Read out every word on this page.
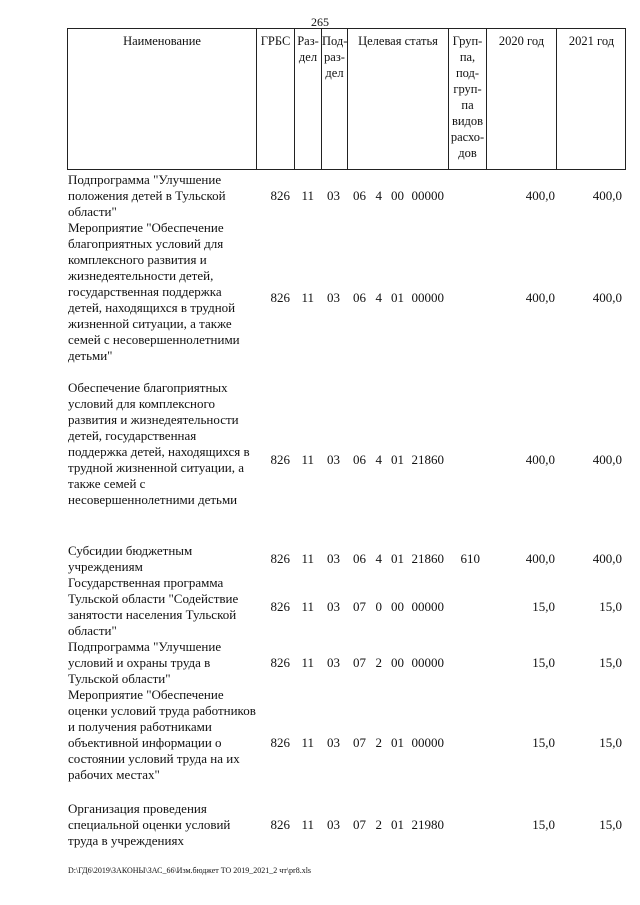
265
Наименование	ГРБС Раз-
дел
Под-
раз-
дел
Целевая статья	Груп-
па,
под-
груп-
па
видов
расхо-
дов
2020 год	2021 год
Подпрограмма "Улучшение положения детей в Тульской области"
826 11	03	06 4 00 00000	400,0	400,0
Мероприятие "Обеспечение благоприятных условий для комплексного развития и жизнедеятельности детей, государственная поддержка детей, находящихся в трудной жизненной ситуации, а также семей с несовершеннолетними детьми"
826 11	03	06 4 01 00000	400,0	400,0
Обеспечение благоприятных условий для комплексного развития и жизнедеятельности детей, государственная поддержка детей, находящихся в трудной жизненной ситуации, а также семей с несовершеннолетними детьми
826 11	03	06 4 01 21860	400,0	400,0
Субсидии бюджетным учреждениям
826 11	03	06 4 01 21860	610	400,0	400,0
Государственная программа Тульской области "Содействие занятости населения Тульской области"
826 11	03	07 0 00 00000	15,0	15,0
Подпрограмма "Улучшение условий и охраны труда в Тульской области"
826 11	03	07 2 00 00000	15,0	15,0
Мероприятие "Обеспечение оценки условий труда работников и получения работниками объективной информации о состоянии условий труда на их рабочих местах"
826 11	03	07 2 01 00000	15,0	15,0
Организация проведения специальной оценки условий труда в учреждениях
826 11	03	07 2 01 21980	15,0	15,0
D:\ГД6\2019\ЗАКОНЫ\ЗАС_66\Изм.бюджет ТО 2019_2021_2 чт\pr8.xls
